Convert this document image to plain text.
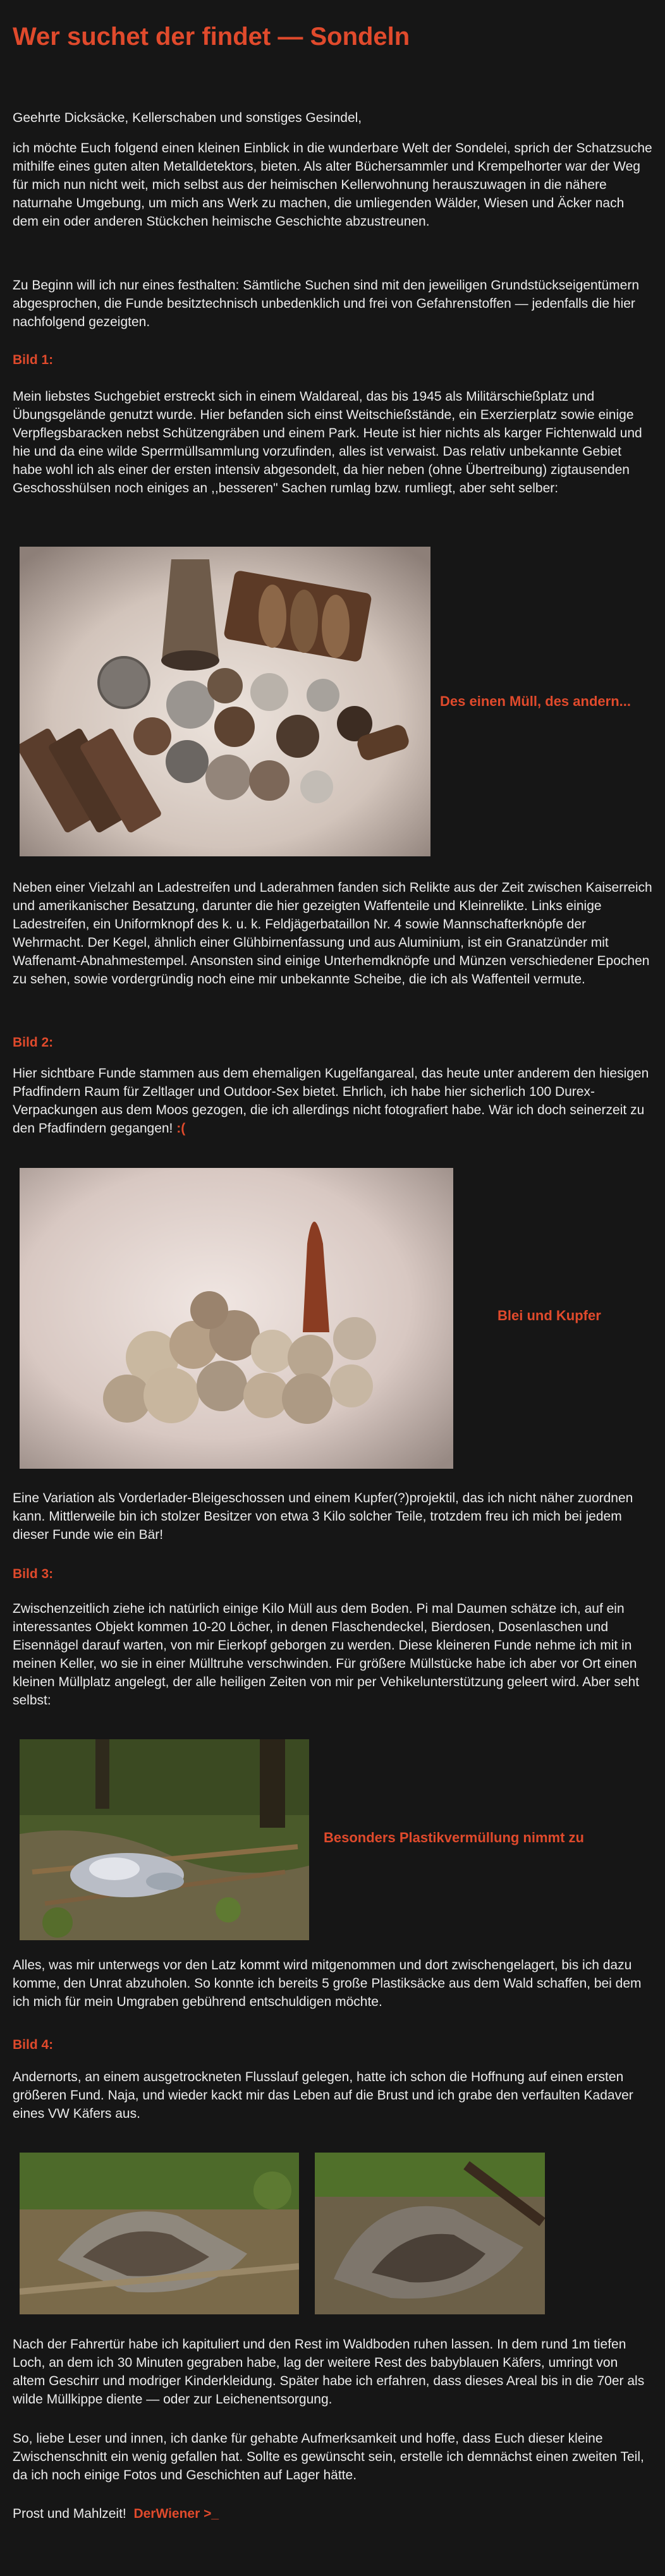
Wer suchet der findet — Sondeln

Geehrte Dicksäcke, Kellerschaben und sonstiges Gesindel,

ich möchte Euch folgend einen kleinen Einblick in die wunderbare Welt der Sondelei, sprich der Schatzsuche mithilfe eines guten alten Metalldetektors, bieten. Als alter Büchersammler und Krempelhorter war der Weg für mich nun nicht weit, mich selbst aus der heimischen Kellerwohnung herauszuwagen in die nähere naturnahe Umgebung, um mich ans Werk zu machen, die umliegenden Wälder, Wiesen und Äcker nach dem ein oder anderen Stückchen heimische Geschichte abzustreunen.

Zu Beginn will ich nur eines festhalten: Sämtliche Suchen sind mit den jeweiligen Grundstückseigentümern abgesprochen, die Funde besitztechnisch unbedenklich und frei von Gefahrenstoffen — jedenfalls die hier nachfolgend gezeigten.

Bild 1:

Mein liebstes Suchgebiet erstreckt sich in einem Waldareal, das bis 1945 als Militärschießplatz und Übungsgelände genutzt wurde. Hier befanden sich einst Weitschießstände, ein Exerzierplatz sowie einige Verpflegsbaracken nebst Schützengräben und einem Park. Heute ist hier nichts als karger Fichtenwald und hie und da eine wilde Sperrmüllsammlung vorzufinden, alles ist verwaist. Das relativ unbekannte Gebiet habe wohl ich als einer der ersten intensiv abgesondelt, da hier neben (ohne Übertreibung) zigtausenden Geschosshülsen noch einiges an ,,besseren" Sachen rumlag bzw. rumliegt, aber seht selber:

Des einen Müll, des andern...

Neben einer Vielzahl an Ladestreifen und Laderahmen fanden sich Relikte aus der Zeit zwischen Kaiserreich und amerikanischer Besatzung, darunter die hier gezeigten Waffenteile und Kleinrelikte. Links einige Ladestreifen, ein Uniformknopf des k. u. k. Feldjägerbataillon Nr. 4 sowie Mannschafterknöpfe der Wehrmacht. Der Kegel, ähnlich einer Glühbirnenfassung und aus Aluminium, ist ein Granatzünder mit Waffenamt-Abnahmestempel. Ansonsten sind einige Unterhemdknöpfe und Münzen verschiedener Epochen zu sehen, sowie vordergründig noch eine mir unbekannte Scheibe, die ich als Waffenteil vermute.

Bild 2:

Hier sichtbare Funde stammen aus dem ehemaligen Kugelfangareal, das heute unter anderem den hiesigen Pfadfindern Raum für Zeltlager und Outdoor-Sex bietet. Ehrlich, ich habe hier sicherlich 100 Durex-Verpackungen aus dem Moos gezogen, die ich allerdings nicht fotografiert habe. Wär ich doch seinerzeit zu den Pfadfindern gegangen! :(

Blei und Kupfer

Eine Variation als Vorderlader-Bleigeschossen und einem Kupfer(?)projektil, das ich nicht näher zuordnen kann. Mittlerweile bin ich stolzer Besitzer von etwa 3 Kilo solcher Teile, trotzdem freu ich mich bei jedem dieser Funde wie ein Bär!

Bild 3:

Zwischenzeitlich ziehe ich natürlich einige Kilo Müll aus dem Boden. Pi mal Daumen schätze ich, auf ein interessantes Objekt kommen 10-20 Löcher, in denen Flaschendeckel, Bierdosen, Dosenlaschen und Eisennägel darauf warten, von mir Eierkopf geborgen zu werden. Diese kleineren Funde nehme ich mit in meinen Keller, wo sie in einer Mülltruhe verschwinden. Für größere Müllstücke habe ich aber vor Ort einen kleinen Müllplatz angelegt, der alle heiligen Zeiten von mir per Vehikelunterstützung geleert wird. Aber seht selbst:

Besonders Plastikvermüllung nimmt zu

Alles, was mir unterwegs vor den Latz kommt wird mitgenommen und dort zwischengelagert, bis ich dazu komme, den Unrat abzuholen. So konnte ich bereits 5 große Plastiksäcke aus dem Wald schaffen, bei dem ich mich für mein Umgraben gebührend entschuldigen möchte.

Bild 4:

Andernorts, an einem ausgetrockneten Flusslauf gelegen, hatte ich schon die Hoffnung auf einen ersten größeren Fund. Naja, und wieder kackt mir das Leben auf die Brust und ich grabe den verfaulten Kadaver eines VW Käfers aus.

Nach der Fahrertür habe ich kapituliert und den Rest im Waldboden ruhen lassen. In dem rund 1m tiefen Loch, an dem ich 30 Minuten gegraben habe, lag der weitere Rest des babyblauen Käfers, umringt von altem Geschirr und modriger Kinderkleidung. Später habe ich erfahren, dass dieses Areal bis in die 70er als wilde Müllkippe diente — oder zur Leichenentsorgung.

So, liebe Leser und innen, ich danke für gehabte Aufmerksamkeit und hoffe, dass Euch dieser kleine Zwischenschnitt ein wenig gefallen hat. Sollte es gewünscht sein, erstelle ich demnächst einen zweiten Teil, da ich noch einige Fotos und Geschichten auf Lager hätte.

Prost und Mahlzeit! DerWiener >_
